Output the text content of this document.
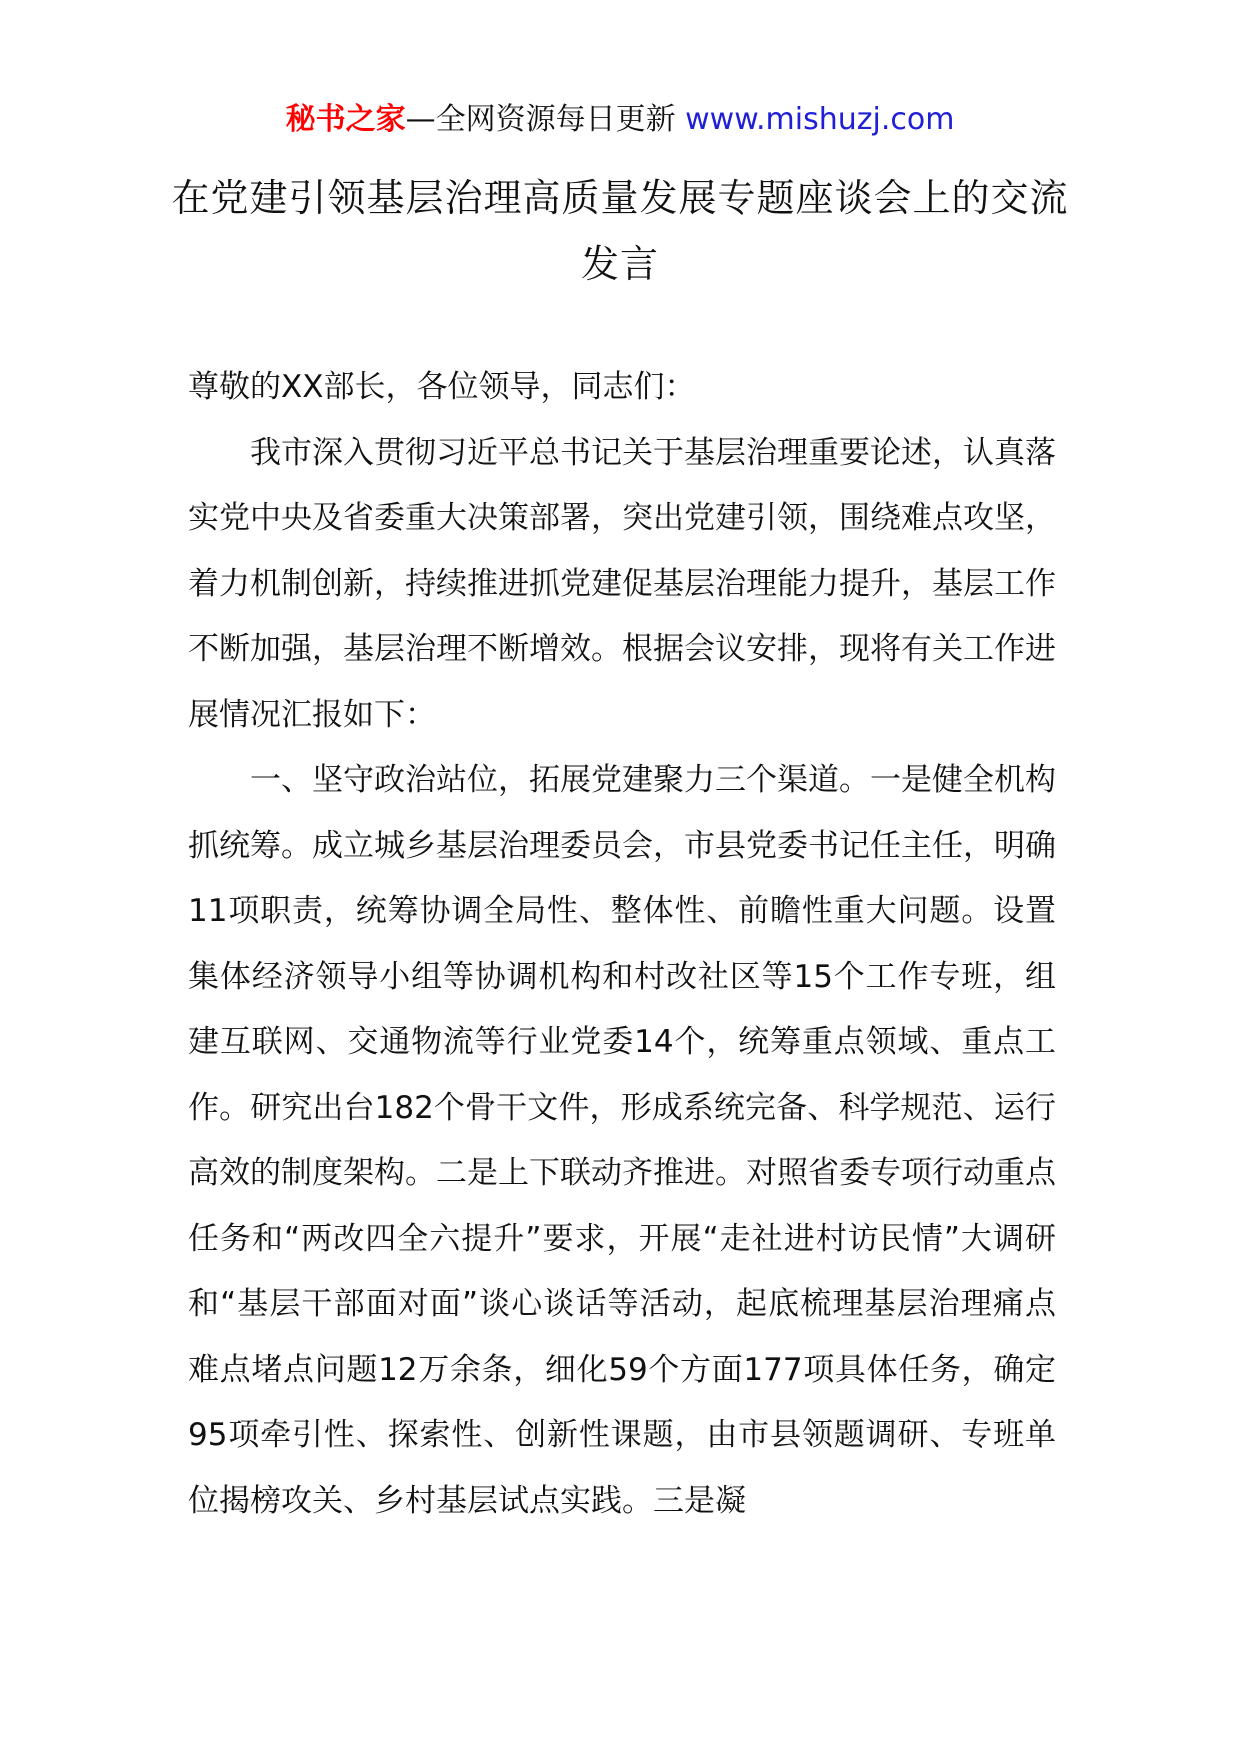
秘书之家—全网资源每日更新 www.mishuzj.com
在党建引领基层治理高质量发展专题座谈会上的交流发言

尊敬的XX部长，各位领导，同志们：

我市深入贯彻习近平总书记关于基层治理重要论述，认真落实党中央及省委重大决策部署，突出党建引领，围绕难点攻坚，着力机制创新，持续推进抓党建促基层治理能力提升，基层工作不断加强，基层治理不断增效。根据会议安排，现将有关工作进展情况汇报如下：

一、坚守政治站位，拓展党建聚力三个渠道。一是健全机构抓统筹。成立城乡基层治理委员会，市县党委书记任主任，明确11项职责，统筹协调全局性、整体性、前瞻性重大问题。设置集体经济领导小组等协调机构和村改社区等15个工作专班，组建互联网、交通物流等行业党委14个，统筹重点领域、重点工作。研究出台182个骨干文件，形成系统完备、科学规范、运行高效的制度架构。二是上下联动齐推进。对照省委专项行动重点任务和“两改四全六提升”要求，开展“走社进村访民情”大调研和“基层干部面对面”谈心谈话等活动，起底梳理基层治理痛点难点堵点问题12万余条，细化59个方面177项具体任务，确定95项牵引性、探索性、创新性课题，由市县领题调研、专班单位揭榜攻关、乡村基层试点实践。三是凝
